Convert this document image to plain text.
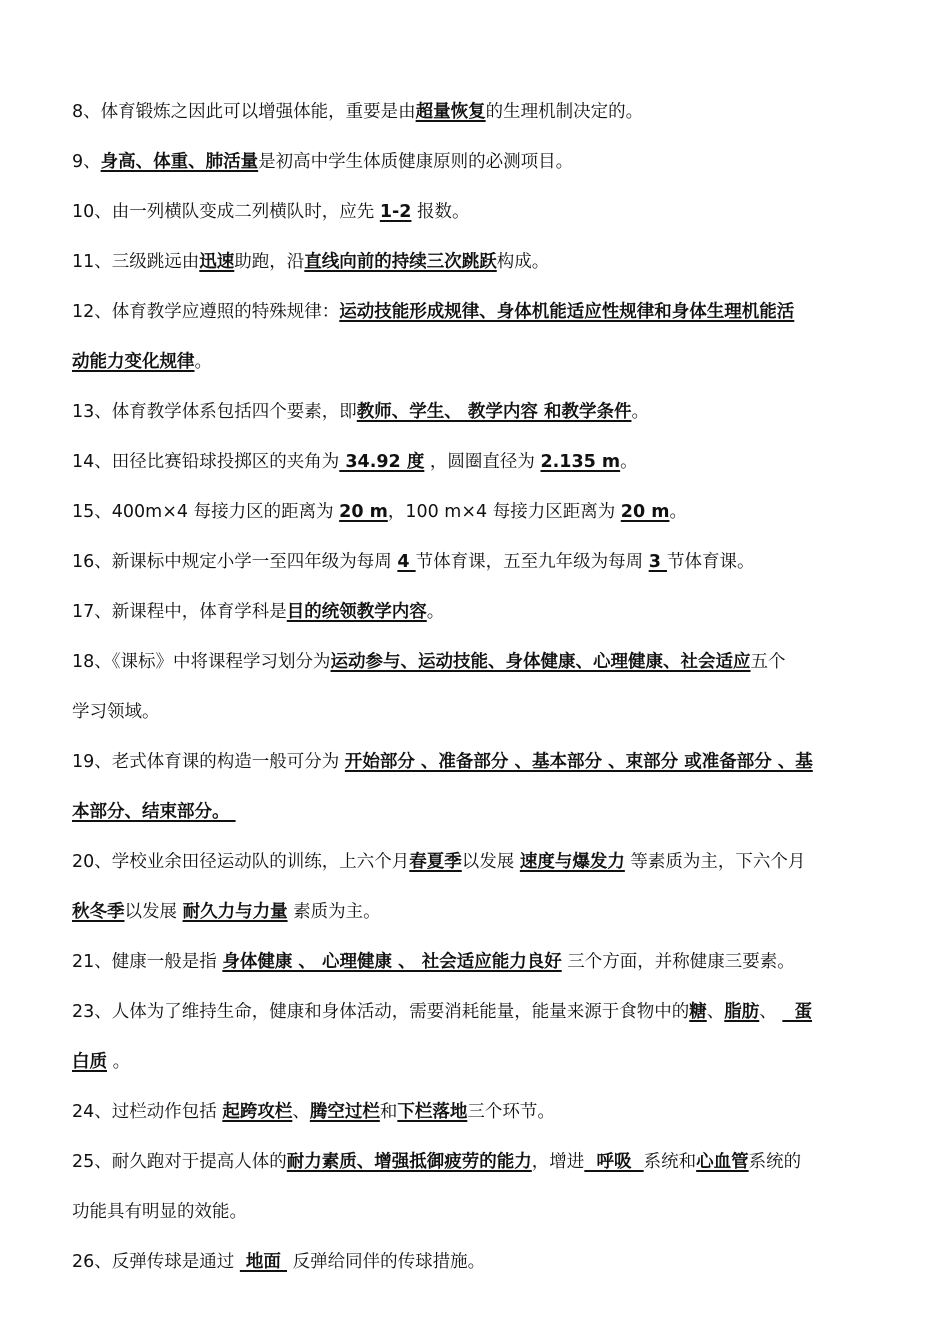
8、体育锻炼之因此可以增强体能，重要是由超量恢复的生理机制决定的。
9、身高、体重、肺活量是初高中学生体质健康原则的必测项目。
10、由一列横队变成二列横队时，应先 1-2 报数。
11、三级跳远由迅速助跑，沿直线向前的持续三次跳跃构成。
12、体育教学应遵照的特殊规律：运动技能形成规律、身体机能适应性规律和身体生理机能活
动能力变化规律。
13、体育教学体系包括四个要素，即教师、学生、 教学内容 和教学条件。
14、田径比赛铅球投掷区的夹角为 34.92 度 ，圆圈直径为 2.135 m。
15、400m×4 每接力区的距离为 20 m，100 m×4 每接力区距离为 20 m。
16、新课标中规定小学一至四年级为每周 4 节体育课，五至九年级为每周 3 节体育课。
17、新课程中，体育学科是目的统领教学内容。
18、《课标》中将课程学习划分为运动参与、运动技能、身体健康、心理健康、社会适应五个
学习领域。
19、老式体育课的构造一般可分为 开始部分 、准备部分 、基本部分 、束部分 或准备部分 、基
本部分、结束部分。
20、学校业余田径运动队的训练，上六个月春夏季以发展 速度与爆发力 等素质为主，下六个月
秋冬季以发展 耐久力与力量 素质为主。
21、健康一般是指 身体健康 、 心理健康 、 社会适应能力良好 三个方面，并称健康三要素。
23、人体为了维持生命，健康和身体活动，需要消耗能量，能量来源于食物中的糖、脂肪、   蛋
白质 。
24、过栏动作包括 起跨攻栏、腾空过栏和下栏落地三个环节。
25、耐久跑对于提高人体的耐力素质、增强抵御疲劳的能力，增进  呼吸  系统和心血管系统的
功能具有明显的效能。
26、反弹传球是通过  地面  反弹给同伴的传球措施。
